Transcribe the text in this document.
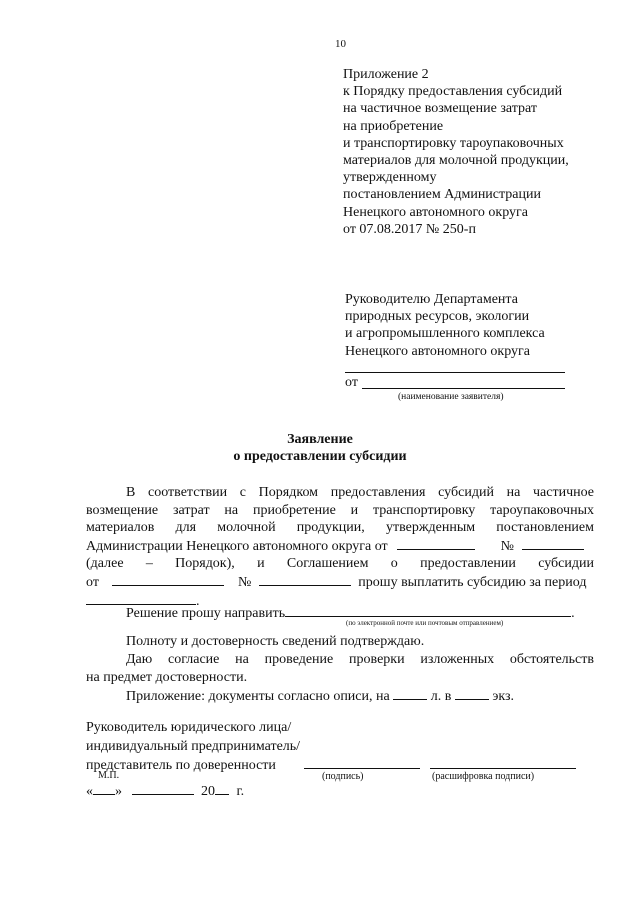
10
Приложение 2
к Порядку предоставления субсидий
на частичное возмещение затрат
на приобретение
и транспортировку тароупаковочных
материалов для молочной продукции,
утвержденному
постановлением Администрации
Ненецкого автономного округа
от 07.08.2017 № 250-п
Руководителю Департамента
природных ресурсов, экологии
и агропромышленного комплекса
Ненецкого автономного округа
от
(наименование заявителя)
Заявление
о предоставлении субсидии
В соответствии с Порядком предоставления субсидий на частичное
возмещение затрат на приобретение и транспортировку тароупаковочных
материалов для молочной продукции, утвержденным постановлением
Администрации Ненецкого автономного округа от	№
(далее – Порядок), и Соглашением о предоставлении субсидии
от	№	прошу выплатить субсидию за период
.
Решение прошу направить	.
(по электронной почте или почтовым отправлением)
Полноту и достоверность сведений подтверждаю.
Даю согласие на проведение проверки изложенных обстоятельств
на предмет достоверности.
Приложение: документы согласно описи, на	л. в	экз.
Руководитель юридического лица/
индивидуальный предприниматель/
представитель по доверенности
М.П.	(подпись)	(расшифровка подписи)
« »	20 г.
